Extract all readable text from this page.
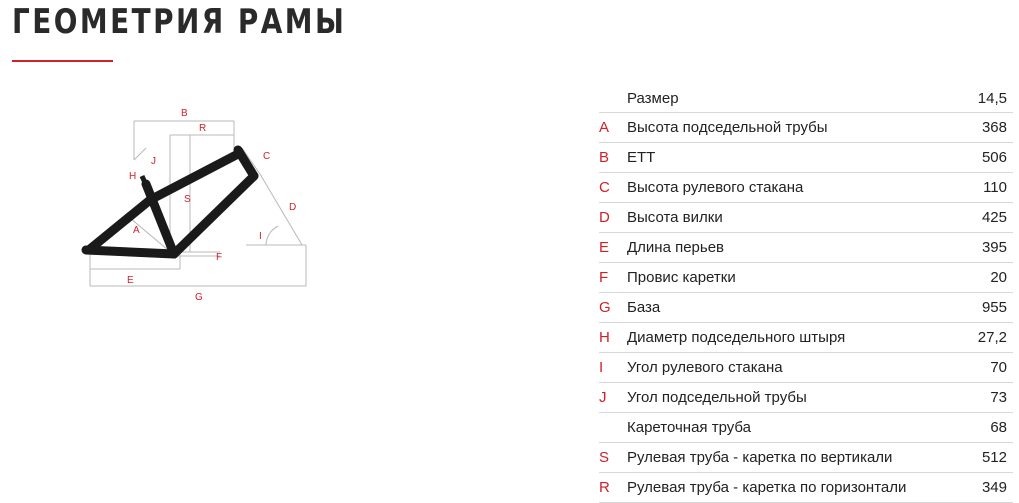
ГЕОМЕТРИЯ РАМЫ
B
R
C
J
H
S
D
A
I
F
E
G
	Размер	14,5
A	Высота подседельной трубы	368
B	ETT	506
C	Высота рулевого стакана	110
D	Высота вилки	425
E	Длина перьев	395
F	Провис каретки	20
G	База	955
H	Диаметр подседельного штыря	27,2
I	Угол рулевого стакана	70
J	Угол подседельной трубы	73
	Кареточная труба	68
S	Рулевая труба - каретка по вертикали	512
R	Рулевая труба - каретка по горизонтали	349
